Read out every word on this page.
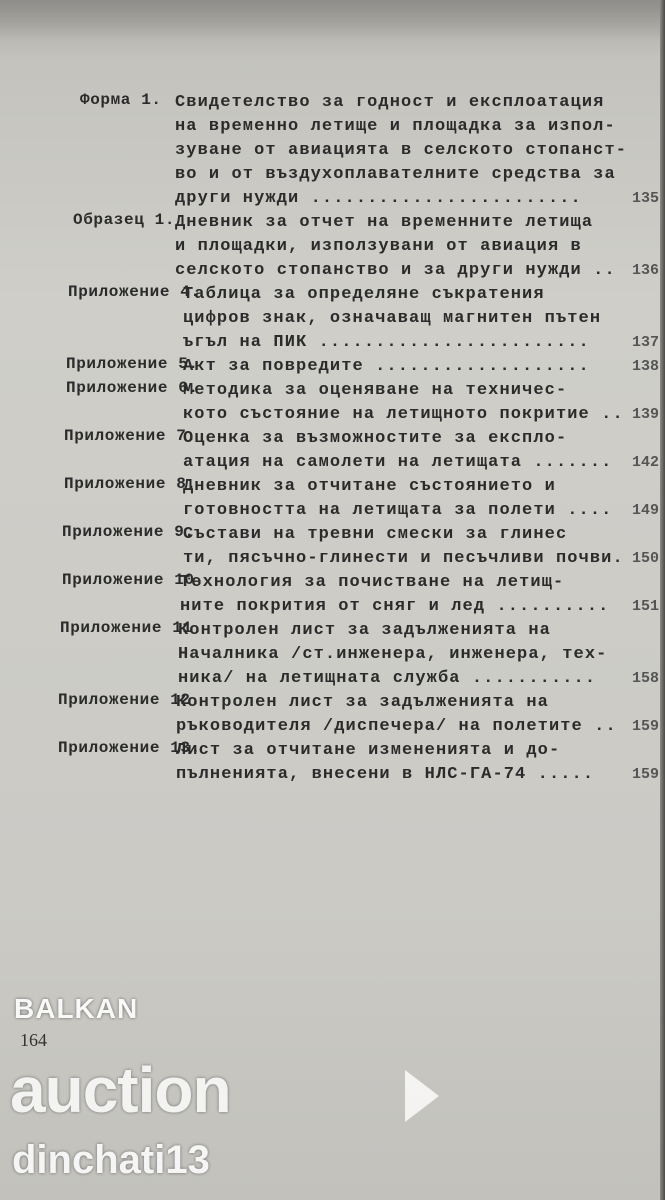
Форма 1. Свидетелство за годност и експлоатация
на временно летище и площадка за изпол-
зуване от авиацията в селското стопанст-
во и от въздухоплавателните средства за
други нужди ........................	135
Образец 1. Дневник за отчет на временните летища
и площадки, използувани от авиация в
селското стопанство и за други нужди .. 136
Приложение 4.
Таблица за определяне съкратения
цифров знак, означаващ магнитен пътен
ъгъл на ПИК ........................	137
Приложение 5.
Акт за повредите ...................	138
Приложение 6.
Методика за оценяване на техничес-
кото състояние на летищното покритие .. 139
Приложение 7.
Оценка за възможностите за експло-
атация на самолети на летищата ....... 142
Приложение 8.
Дневник за отчитане състоянието и
готовността на летищата за полети .... 149
Приложение 9.
Състави на тревни смески за глинес
ти, пясъчно-глинести и песъчливи почви. 150
Приложение 10.
Технология за почистване на летищ-
ните покрития от сняг и лед .......... 151
Приложение 11.
Контролен лист за задълженията на
Началника /ст.инженера, инженера, тех-
ника/ на летищната служба ........... 158
Приложение 12.
Контролен лист за задълженията на
ръководителя /диспечера/ на полетите .. 159
Приложение 13.
Лист за отчитане измененията и до-
пълненията, внесени в НЛС-ГА-74 .....	159
164
BALKAN
auction
dinchati13
